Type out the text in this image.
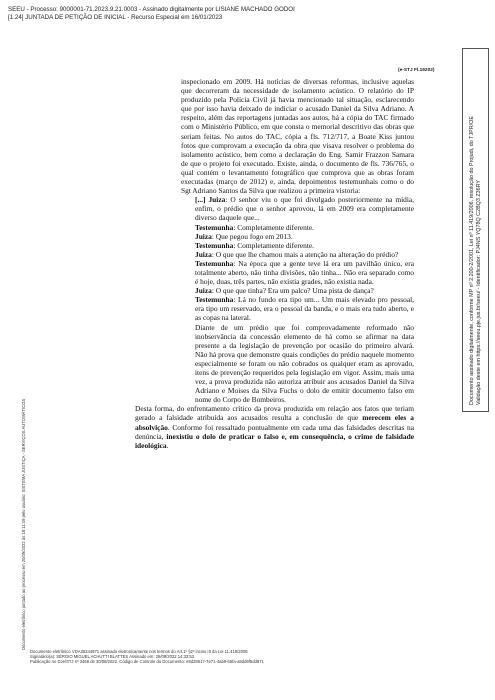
SEEU - Processo: 9000001-71.2023.9.21.0003 - Assinado digitalmente por LISIANE MACHADO GODOI
[1.24] JUNTADA DE PETIÇÃO DE INICIAL - Recurso Especial em 16/01/2023
(e-STJ Fl.19202)

inspecionado em 2009. Há notícias de diversas reformas, inclusive aquelas que decorreram da necessidade de isolamento acústico. O relatório do IP produzido pela Polícia Civil já havia mencionado tal situação, esclarecendo que por isso havia deixado de indiciar o acusado Daniel da Silva Adriano. A respeito, além das reportagens juntadas aos autos, há a cópia do TAC firmado com o Ministério Público, em que consta o memorial descritivo das obras que seriam feitas. No autos do TAC, cópia a fls. 712/717, a Boate Kiss juntou fotos que comprovam a execução da obra que visava resolver o problema do isolamento acústico, bem como a declaração do Eng. Samir Frazzon Samara de que o projeto foi executado. Existe, ainda, o documento de fls. 736/765, o qual contém o levantamento fotográfico que comprova que as obras foram executadas (março de 2012) e, ainda, depoimentos testemunhais como o do Sgt Adriano Santos da Silva que realizou a primeira vistoria:

[...] Juiza: O senhor viu o que foi divulgado posteriormente na mídia, enfim, o prédio que o senhor aprovou, lá em 2009 era completamente diverso daquele que...

Testemunha: Completamente diferente.

Juiza: Que pegou fogo em 2013.

Testemunha: Completamente diferente.

Juiza: O que que lhe chamou mais a atenção na alteração do prédio?

Testemunha: Na época que a gente teve lá era um pavilhão único, era totalmente aberto, não tinha divisões, não tinha... Não era separado como é hoje, duas, três partes, não existia grades, não existia nada.

Juiza: O que que tinha? Era um palco? Uma pista de dança?

Testemunha: Lá no fundo era tipo um... Um mais elevado pro pessoal, era tipo um reservado, era o pessoal da banda, e o mais era tudo aberto, e as copas na lateral.

Diante de um prédio que foi comprovadamente reformado não inobservância da concessão elemento de há como se afirmar na data presente a da legislação de prevenção por ocasião do primeiro alvará. Não há prova que demonstre quais condições do prédio naquele momento especialmente se foram ou não cobrados os qualquer eram as aprovado, itens de prevenção requeridos pela legislação em vigor. Assim, mais uma vez, a prova produzida não autoriza atribuir aos acusados Daniel da Silva Adriano e Moises da Silva Fuchs o dolo de emitir documento falso em nome do Corpo de Bombeiros.

Desta forma, do enfrentamento crítico da prova produzida em relação aos fatos que teriam gerado a falsidade atribuída aos acusados resulta a conclusão de que merecem eles a absolvição. Conforme foi ressaltado pontualmente em cada uma das falsidades descritas na denúncia, inexistiu o dolo de praticar o falso e, em consequência, o crime de falsidade ideológica.

Documento eletrônico juntado ao processo em 20/09/2022 às 18:11:49 pelo usuário: SISTEMA JUSTIÇA - SERVIÇOS AUTOMÁTICOS
Documento assinado digitalmente, conforme MP nº 2.200-2/2001, Lei nº 11.419/2006, resolução do Projudi, do TJPR/OE Validação deste em https://seeu.pje.jus.br/seeu/ - Identificador: PJ4NS YQ78Q C2BQ3 Z36RY
Documento eletrônico VDA35344871 assinado eletronicamente nos termos do Art.1º §2º inciso III da Lei 11.419/2006
Signatário(a): SÉRGIO MIGUEL ACHUTTI BLATTES Assinado em: 29/08/2022 14:33:53
Publicação no DJe/STJ nº 3456 de 30/08/2022. Código de Controle do Documento: e9d28617-7e71-4ab9-b5fa-a9dd9f5dd871
